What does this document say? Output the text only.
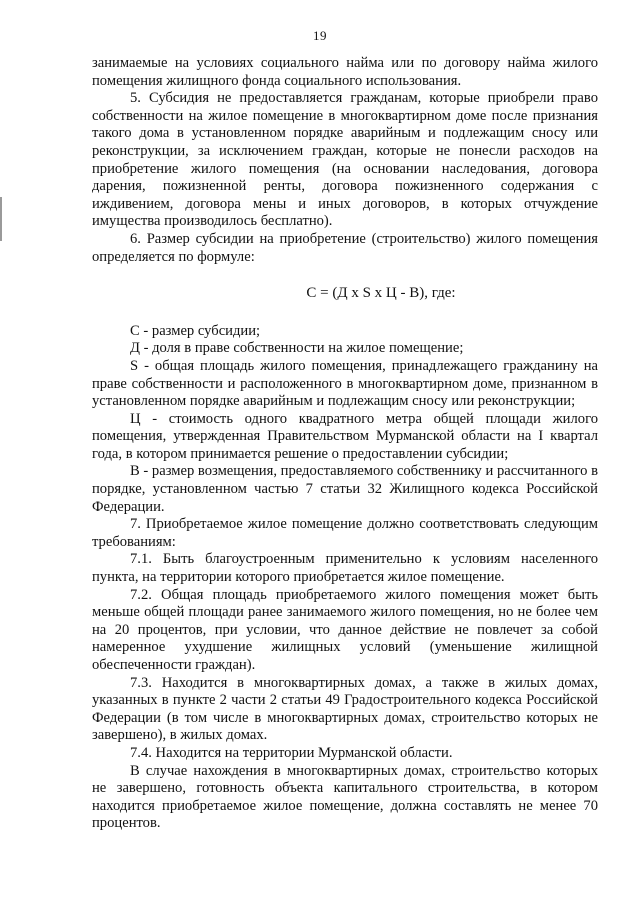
19

занимаемые на условиях социального найма или по договору найма жилого помещения жилищного фонда социального использования.

5. Субсидия не предоставляется гражданам, которые приобрели право собственности на жилое помещение в многоквартирном доме после признания такого дома в установленном порядке аварийным и подлежащим сносу или реконструкции, за исключением граждан, которые не понесли расходов на приобретение жилого помещения (на основании наследования, договора дарения, пожизненной ренты, договора пожизненного содержания с иждивением, договора мены и иных договоров, в которых отчуждение имущества производилось бесплатно).

6. Размер субсидии на приобретение (строительство) жилого помещения определяется по формуле:

С = (Д х S х Ц - В), где:

С - размер субсидии;

Д - доля в праве собственности на жилое помещение;

S - общая площадь жилого помещения, принадлежащего гражданину на праве собственности и расположенного в многоквартирном доме, признанном в установленном порядке аварийным и подлежащим сносу или реконструкции;

Ц - стоимость одного квадратного метра общей площади жилого помещения, утвержденная Правительством Мурманской области на I квартал года, в котором принимается решение о предоставлении субсидии;

В - размер возмещения, предоставляемого собственнику и рассчитанного в порядке, установленном частью 7 статьи 32 Жилищного кодекса Российской Федерации.

7. Приобретаемое жилое помещение должно соответствовать следующим требованиям:

7.1. Быть благоустроенным применительно к условиям населенного пункта, на территории которого приобретается жилое помещение.

7.2. Общая площадь приобретаемого жилого помещения может быть меньше общей площади ранее занимаемого жилого помещения, но не более чем на 20 процентов, при условии, что данное действие не повлечет за собой намеренное ухудшение жилищных условий (уменьшение жилищной обеспеченности граждан).

7.3. Находится в многоквартирных домах, а также в жилых домах, указанных в пункте 2 части 2 статьи 49 Градостроительного кодекса Российской Федерации (в том числе в многоквартирных домах, строительство которых не завершено), в жилых домах.

7.4. Находится на территории Мурманской области.

В случае нахождения в многоквартирных домах, строительство которых не завершено, готовность объекта капитального строительства, в котором находится приобретаемое жилое помещение, должна составлять не менее 70 процентов.
